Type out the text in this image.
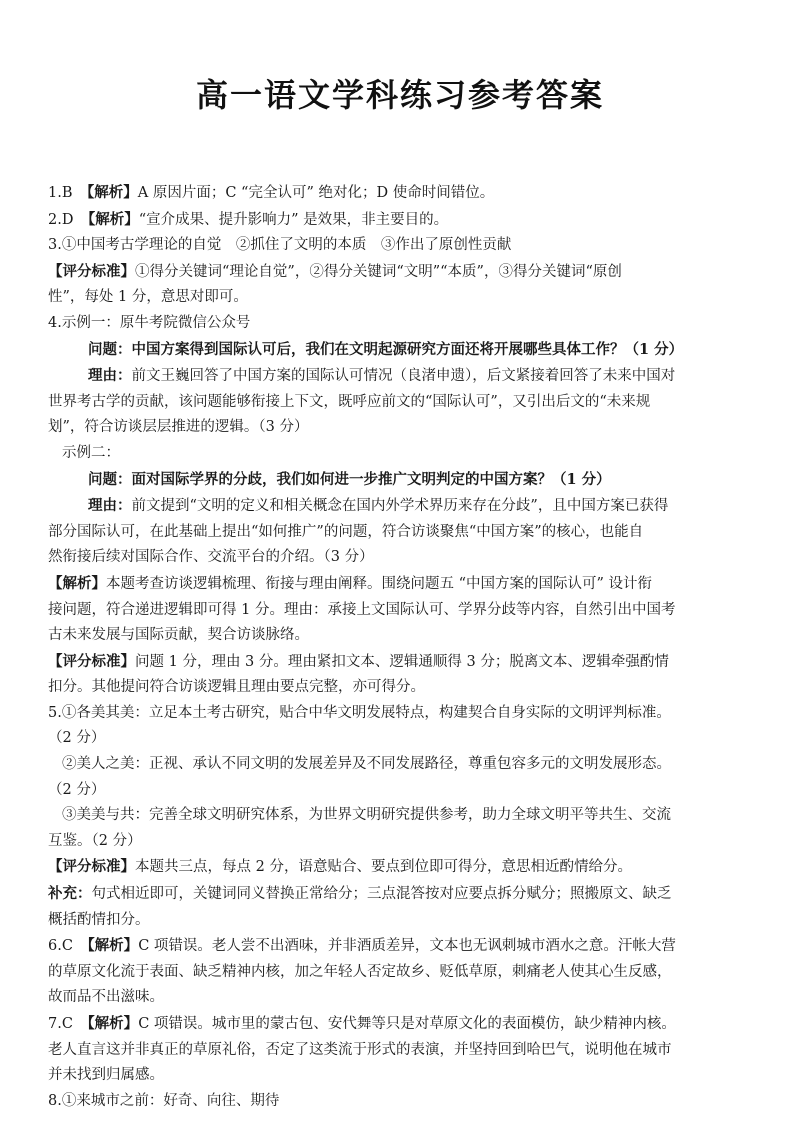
高一语文学科练习参考答案
1.B　【解析】A 原因片面；C “完全认可” 绝对化；D 使命时间错位。
2.D　【解析】“宣介成果、提升影响力” 是效果，非主要目的。
3.①中国考古学理论的自觉　②抓住了文明的本质　③作出了原创性贡献
【评分标准】①得分关键词“理论自觉”，②得分关键词“文明”“本质”，③得分关键词“原创
性”，每处 1 分，意思对即可。
4.示例一：原牛考院微信公众号
问题：中国方案得到国际认可后，我们在文明起源研究方面还将开展哪些具体工作？（1 分）
理由：前文王巍回答了中国方案的国际认可情况（良渚申遗），后文紧接着回答了未来中国对
世界考古学的贡献，该问题能够衔接上下文，既呼应前文的“国际认可”，又引出后文的“未来规
划”，符合访谈层层推进的逻辑。（3 分）
示例二：
问题：面对国际学界的分歧，我们如何进一步推广文明判定的中国方案？（1 分）
理由：前文提到“文明的定义和相关概念在国内外学术界历来存在分歧”，且中国方案已获得
部分国际认可，在此基础上提出“如何推广”的问题，符合访谈聚焦“中国方案”的核心，也能自
然衔接后续对国际合作、交流平台的介绍。（3 分）
【解析】本题考查访谈逻辑梳理、衔接与理由阐释。围绕问题五 “中国方案的国际认可” 设计衔
接问题，符合递进逻辑即可得 1 分。理由：承接上文国际认可、学界分歧等内容，自然引出中国考
古未来发展与国际贡献，契合访谈脉络。
【评分标准】问题 1 分，理由 3 分。理由紧扣文本、逻辑通顺得 3 分；脱离文本、逻辑牵强酌情
扣分。其他提问符合访谈逻辑且理由要点完整，亦可得分。
5.①各美其美：立足本土考古研究，贴合中华文明发展特点，构建契合自身实际的文明评判标准。
（2 分）
②美人之美：正视、承认不同文明的发展差异及不同发展路径，尊重包容多元的文明发展形态。
（2 分）
③美美与共：完善全球文明研究体系，为世界文明研究提供参考，助力全球文明平等共生、交流
互鉴。（2 分）
【评分标准】本题共三点，每点 2 分，语意贴合、要点到位即可得分，意思相近酌情给分。
补充：句式相近即可，关键词同义替换正常给分；三点混答按对应要点拆分赋分；照搬原文、缺乏
概括酌情扣分。
6.C　【解析】C 项错误。老人尝不出酒味，并非酒质差异，文本也无讽刺城市酒水之意。汗帐大营
的草原文化流于表面、缺乏精神内核，加之年轻人否定故乡、贬低草原，刺痛老人使其心生反感，
故而品不出滋味。
7.C　【解析】C 项错误。城市里的蒙古包、安代舞等只是对草原文化的表面模仿，缺少精神内核。
老人直言这并非真正的草原礼俗，否定了这类流于形式的表演，并坚持回到哈巴气，说明他在城市
并未找到归属感。
8.①来城市之前：好奇、向往、期待
